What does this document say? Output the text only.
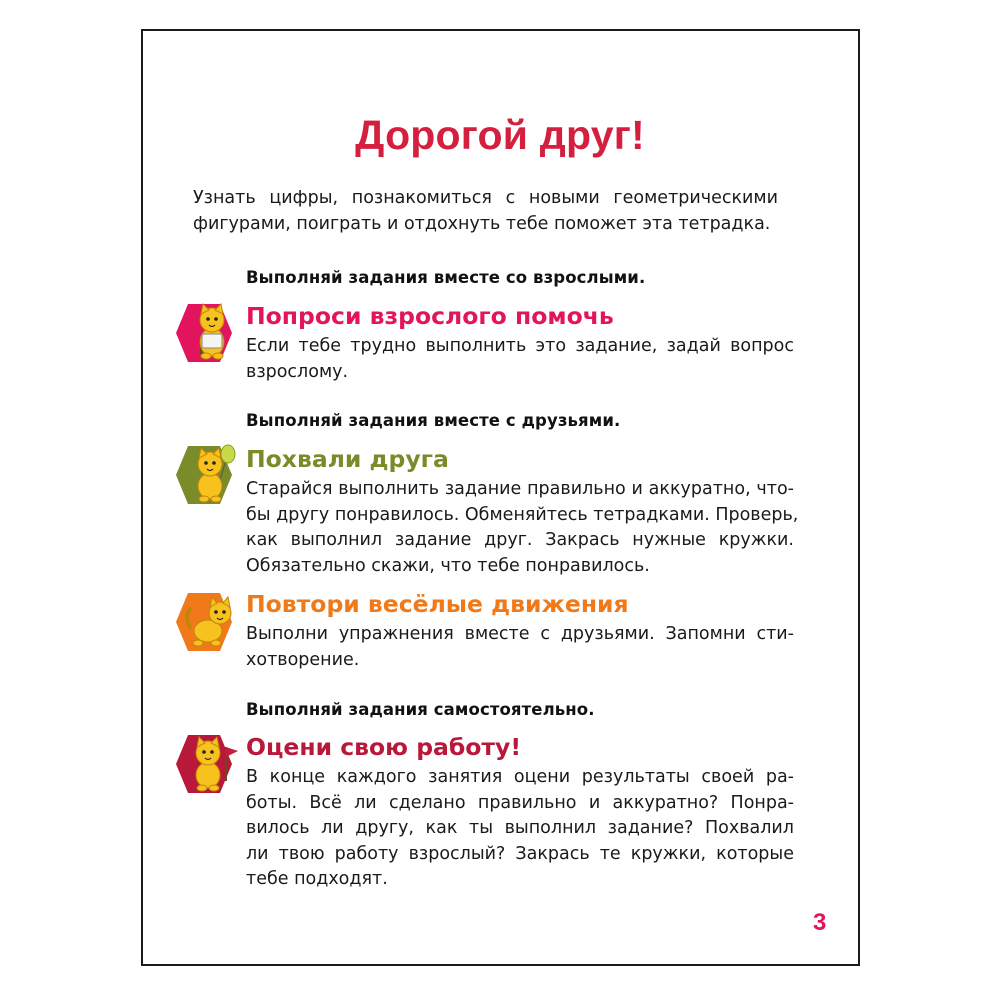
Дорогой друг!

Узнать цифры, познакомиться с новыми геометрическими
фигурами, поиграть и отдохнуть тебе поможет эта тетрадка.

Выполняй задания вместе со взрослыми.

Попроси взрослого помочь

Если тебе трудно выполнить это задание, задай вопрос
взрослому.

Выполняй задания вместе с друзьями.

Похвали друга

Старайся выполнить задание правильно и аккуратно, что-
бы другу понравилось. Обменяйтесь тетрадками. Проверь,
как выполнил задание друг. Закрась нужные кружки.
Обязательно скажи, что тебе понравилось.

Повтори весёлые движения

Выполни упражнения вместе с друзьями. Запомни сти-
хотворение.

Выполняй задания самостоятельно.

Оцени свою работу!

В конце каждого занятия оцени результаты своей ра-
боты. Всё ли сделано правильно и аккуратно? Понра-
вилось ли другу, как ты выполнил задание? Похвалил
ли твою работу взрослый? Закрась те кружки, которые
тебе подходят.

3
